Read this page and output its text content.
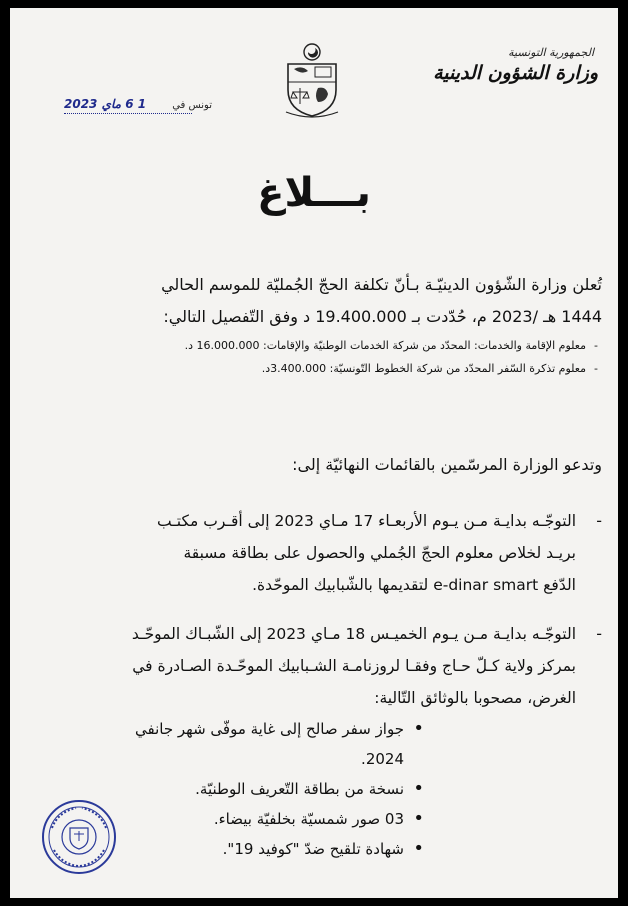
الجمهورية التونسية
وزارة الشؤون الدينية
تونس في
1 6 ماي 2023
بـــلاغ
تُعلن وزارة الشّؤون الدينيّـة بـأنّ تكلفة الحجّ الجُمليّة للموسم الحالي
1444 هـ /2023 م، حُدّدت بـ 19.400.000 د وفق التّفصيل التالي:
-معلوم الإقامة والخدمات: المحدّد من شركة الخدمات الوطنيّة والإقامات: 16.000.000 د.
-معلوم تذكرة السّفر المحدّد من شركة الخطوط التّونسيّة: 3.400.000د.
وتدعو الوزارة المرسّمين بالقائمات النهائيّة إلى:
-
التوجّـه بدايـة مـن يـوم الأربعـاء 17 مـاي 2023 إلى أقـرب مكتـب
بريـد لخلاص معلوم الحجّ الجُملي والحصول على بطاقة مسبقة
الدّفع e-dinar smart لتقديمها بالشّبابيك الموحّدة.
-
التوجّـه بدايـة مـن يـوم الخميـس 18 مـاي 2023 إلى الشّبـاك الموحّـد
بمركز ولاية كـلّ حـاج وفقـا لروزنامـة الشـبابيك الموحّـدة الصـادرة في
الغرض، مصحوبا بالوثائق التّالية:
• جواز سفر صالح إلى غاية موفّى شهر جانفي 2024.
• نسخة من بطاقة التّعريف الوطنيّة.
• 03 صور شمسيّة بخلفيّة بيضاء.
• شهادة تلقيح ضدّ "كوفيد 19".
